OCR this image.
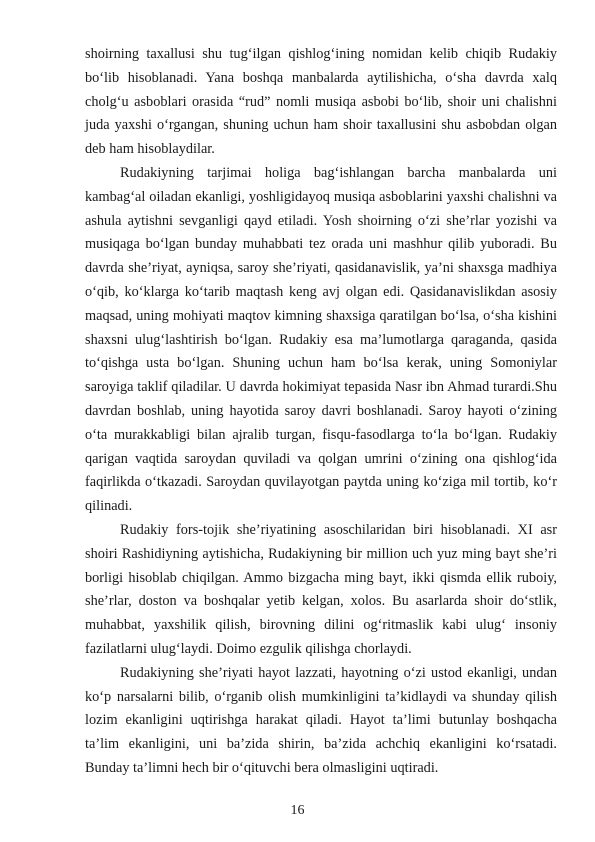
shoirning taxallusi shu tug‘ilgan qishlog‘ining nomidan kelib chiqib Rudakiy bo‘lib hisoblanadi. Yana boshqa manbalarda aytilishicha, o‘sha davrda xalq cholg‘u asboblari orasida “rud” nomli musiqa asbobi bo‘lib, shoir uni chalishni juda yaxshi o‘rgangan, shuning uchun ham shoir taxallusini shu asbobdan olgan deb ham hisoblaydilar.

Rudakiyning tarjimai holiga bag‘ishlangan barcha manbalarda uni kambag‘al oiladan ekanligi, yoshligidayoq musiqa asboblarini yaxshi chalishni va ashula aytishni sevganligi qayd etiladi. Yosh shoirning o‘zi she’rlar yozishi va musiqaga bo‘lgan bunday muhabbati tez orada uni mashhur qilib yuboradi. Bu davrda she’riyat, ayniqsa, saroy she’riyati, qasidanavislik, ya’ni shaxsga madhiya o‘qib, ko‘klarga ko‘tarib maqtash keng avj olgan edi. Qasidanavislikdan asosiy maqsad, uning mohiyati maqtov kimning shaxsiga qaratilgan bo‘lsa, o‘sha kishini shaxsni ulug‘lashtirish bo‘lgan. Rudakiy esa ma’lumotlarga qaraganda, qasida to‘qishga usta bo‘lgan. Shuning uchun ham bo‘lsa kerak, uning Somoniylar saroyiga taklif qiladilar. U davrda hokimiyat tepasida Nasr ibn Ahmad turardi.Shu davrdan boshlab, uning hayotida saroy davri boshlanadi. Saroy hayoti o‘zining o‘ta murakkabligi bilan ajralib turgan, fisqu-fasodlarga to‘la bo‘lgan. Rudakiy qarigan vaqtida saroydan quviladi va qolgan umrini o‘zining ona qishlog‘ida faqirlikda o‘tkazadi. Saroydan quvilayotgan paytda uning ko‘ziga mil tortib, ko‘r qilinadi.

Rudakiy fors-tojik she’riyatining asoschilaridan biri hisoblanadi. XI asr shoiri Rashidiyning aytishicha, Rudakiyning bir million uch yuz ming bayt she’ri borligi hisoblab chiqilgan. Ammo bizgacha ming bayt, ikki qismda ellik ruboiy, she’rlar, doston va boshqalar yetib kelgan, xolos. Bu asarlarda shoir do‘stlik, muhabbat, yaxshilik qilish, birovning dilini og‘ritmaslik kabi ulug‘ insoniy fazilatlarni ulug‘laydi. Doimo ezgulik qilishga chorlaydi.

Rudakiyning she’riyati hayot lazzati, hayotning o‘zi ustod ekanligi, undan ko‘p narsalarni bilib, o‘rganib olish mumkinligini ta’kidlaydi va shunday qilish lozim ekanligini uqtirishga harakat qiladi. Hayot ta’limi butunlay boshqacha ta’lim ekanligini, uni ba’zida shirin, ba’zida achchiq ekanligini ko‘rsatadi. Bunday ta’limni hech bir o‘qituvchi bera olmasligini uqtiradi.

16
